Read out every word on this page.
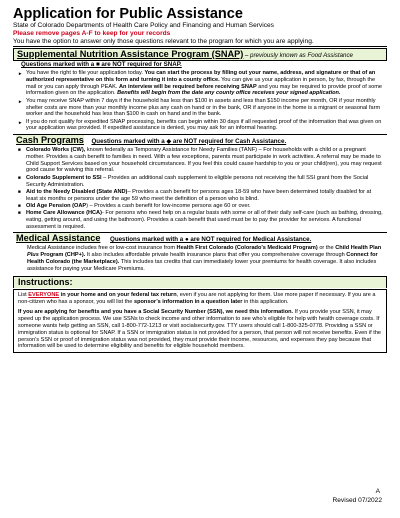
Application for Public Assistance
State of Colorado Departments of Health Care Policy and Financing and Human Services
Please remove pages A-F to keep for your records
You have the option to answer only those questions relevant to the program for which you are applying.
Supplemental Nutrition Assistance Program (SNAP) – previously known as Food Assistance
Questions marked with a ■ are NOT required for SNAP.
► You have the right to file your application today. You can start the process by filling out your name, address, and signature or that of an authorized representative on this form and turning it into a county office. You can give us your application in person, by fax, through the mail or you can apply through PEAK. An interview will be required before receiving SNAP and you may be required to provide proof of some information given on the application. Benefits will begin from the date any county office receives your signed application.
► You may receive SNAP within 7 days if the household has less than $100 in assets and less than $150 income per month, OR if your monthly shelter costs are more than your monthly income plus any cash on hand or in the bank, OR if anyone in the home is a migrant or seasonal farm worker and the household has less than $100 in cash on hand and in the bank.
► If you do not qualify for expedited SNAP processing, benefits can begin within 30 days if all requested proof of the information that was given on your application was provided. If expedited assistance is denied, you may ask for an informal hearing.
Cash Programs Questions marked with a ◆ are NOT required for Cash Assistance.
■ Colorado Works (CW), known federally as Temporary Assistance for Needy Families (TANF) – For households with a child or a pregnant mother. Provides a cash benefit to families in need. With a few exceptions, parents must participate in work activities. A referral may be made to Child Support Services based on your household circumstances. If you feel this could cause hardship to you or your child(ren), you may request good cause for waiving this referral.
■ Colorado Supplement to SSI – Provides an additional cash supplement to eligible persons not receiving the full SSI grant from the Social Security Administration.
■ Aid to the Needy Disabled (State AND)– Provides a cash benefit for persons ages 18-59 who have been determined totally disabled for at least six months or persons under the age 59 who meet the definition of a person who is blind.
■ Old Age Pension (OAP) – Provides a cash benefit for low-income persons age 60 or over.
■ Home Care Allowance (HCA)- For persons who need help on a regular basis with some or all of their daily self-care (such as bathing, dressing, eating, getting around, and using the bathroom). Provides a cash benefit that used must be to pay the provider for services. A functional assessment is required.
Medical Assistance Questions marked with a ● are NOT required for Medical Assistance.
Medical Assistance includes free or low-cost insurance from Health First Colorado (Colorado’s Medicaid Program) or the Child Health Plan Plus Program (CHP+). It also includes affordable private health insurance plans that offer you comprehensive coverage through Connect for Health Colorado (the Marketplace). This includes tax credits that can immediately lower your premiums for health coverage. It also includes assistance for paying your Medicare Premiums.
Instructions:

List EVERYONE in your home and on your federal tax return, even if you are not applying for them. Use more paper if necessary. If you are a non-citizen who has a sponsor, you will list the sponsor’s information in a question later in this application.

If you are applying for benefits and you have a Social Security Number (SSN), we need this information. If you provide your SSN, it may speed up the application process. We use SSNs to check income and other information to see who’s eligible for help with health coverage costs. If someone wants help getting an SSN, call 1-800-772-1213 or visit socialsecurity.gov. TTY users should call 1-800-325-0778. Providing a SSN or immigration status is optional for SNAP. If a SSN or immigration status is not provided for a person, that person will not receive benefits. Even if the person’s SSN or proof of immigration status was not provided, they must provide their income, resources, and expenses they pay because that information will be used to determine eligibility and benefits for eligible household members.

A
Revised 07/2022
